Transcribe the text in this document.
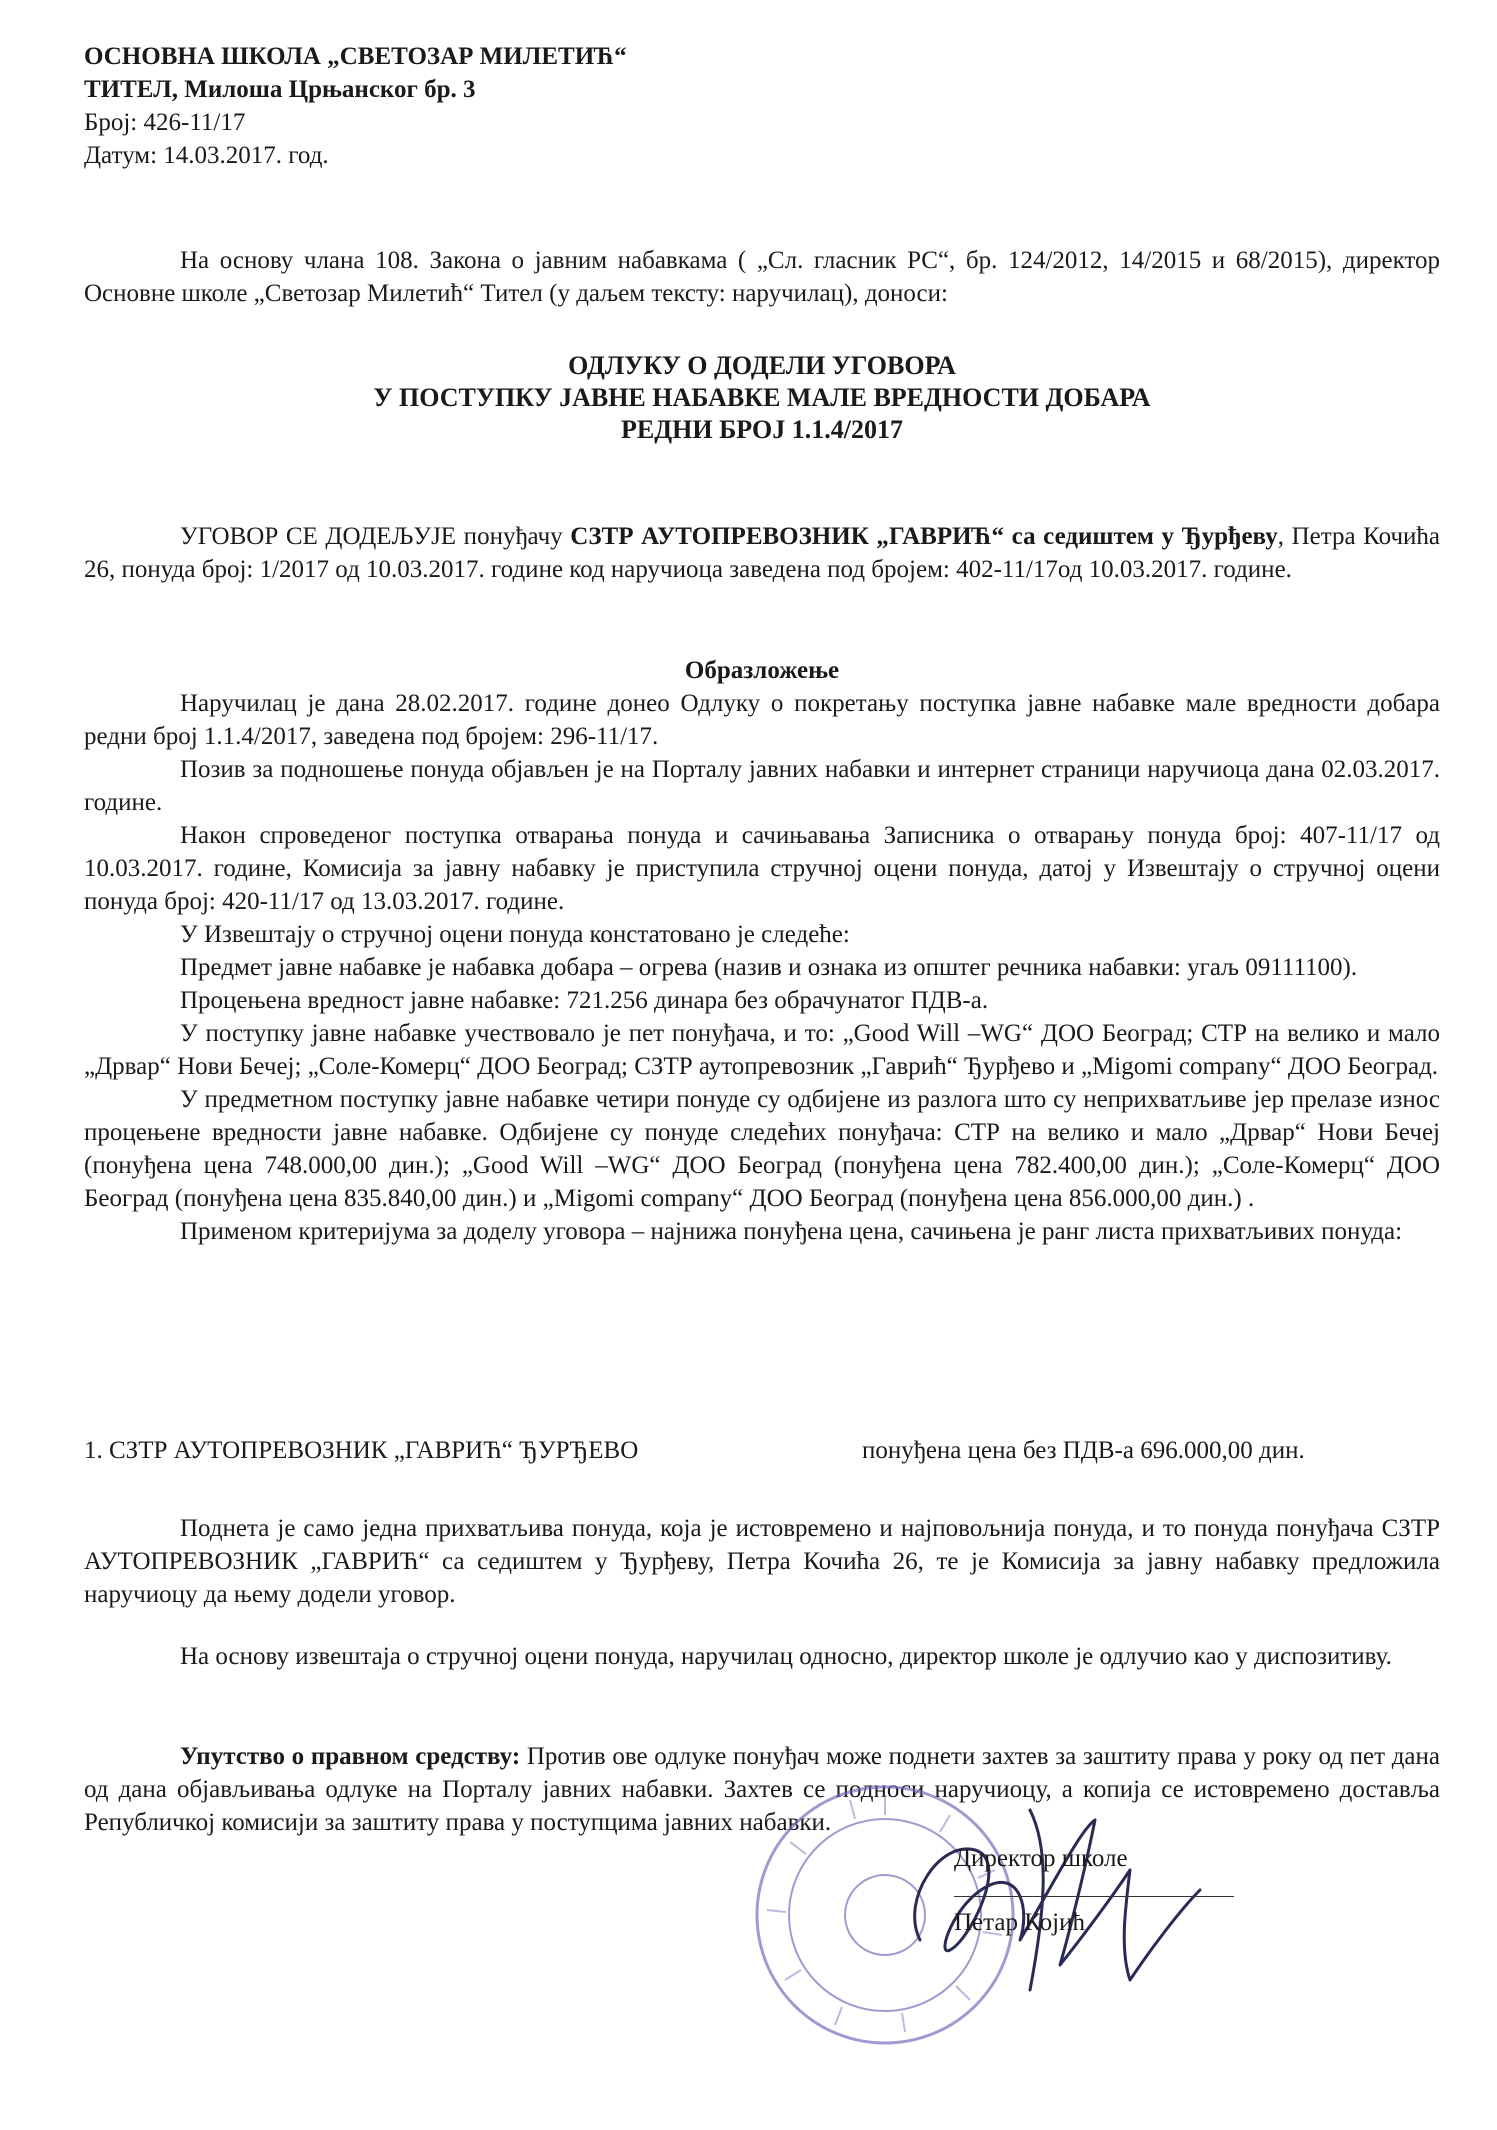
ОСНОВНА ШКОЛА „СВЕТОЗАР МИЛЕТИЋ“
ТИТЕЛ, Милоша Црњанског бр. 3
Број: 426-11/17
Датум: 14.03.2017. год.

На основу члана 108. Закона о јавним набавкама ( „Сл. гласник РС“, бр. 124/2012, 14/2015 и 68/2015), директор Основне школе „Светозар Милетић“ Тител (у даљем тексту: наручилац), доноси:

ОДЛУКУ О ДОДЕЛИ УГОВОРА
У ПОСТУПКУ ЈАВНЕ НАБАВКЕ МАЛЕ ВРЕДНОСТИ ДОБАРА
РЕДНИ БРОЈ 1.1.4/2017

УГОВОР СЕ ДОДЕЉУЈЕ понуђачу СЗТР АУТОПРЕВОЗНИК „ГАВРИЋ“ са седиштем у Ђурђеву, Петра Кочића 26, понуда број: 1/2017 од 10.03.2017. године код наручиоца заведена под бројем: 402-11/17од 10.03.2017. године.

Образложење

Наручилац је дана 28.02.2017. године донео Одлуку о покретању поступка јавне набавке мале вредности добара редни број 1.1.4/2017, заведена под бројем: 296-11/17.

Позив за подношење понуда објављен је на Порталу јавних набавки и интернет страници наручиоца дана 02.03.2017. године.

Након спроведеног поступка отварања понуда и сачињавања Записника о отварању понуда број: 407-11/17 од 10.03.2017. године, Комисија за јавну набавку је приступила стручној оцени понуда, датој у Извештају о стручној оцени понуда број: 420-11/17 од 13.03.2017. године.

У Извештају о стручној оцени понуда констатовано је следеће:

Предмет јавне набавке је набавка добара – огрева (назив и ознака из општег речника набавки: угаљ 09111100).

Процењена вредност јавне набавке: 721.256 динара без обрачунатог ПДВ-а.

У поступку јавне набавке учествовало је пет понуђача, и то: „Good Will –WG“ ДОО Београд; СТР на велико и мало „Дрвар“ Нови Бечеј; „Соле-Комерц“ ДОО Београд; СЗТР аутопревозник „Гаврић“ Ђурђево и „Migomi company“ ДОО Београд.

У предметном поступку јавне набавке четири понуде су одбијене из разлога што су неприхватљиве јер прелазе износ процењене вредности јавне набавке. Одбијене су понуде следећих понуђача: СТР на велико и мало „Дрвар“ Нови Бечеј (понуђена цена 748.000,00 дин.); „Good Will –WG“ ДОО Београд (понуђена цена 782.400,00 дин.); „Соле-Комерц“ ДОО Београд (понуђена цена 835.840,00 дин.) и „Migomi company“ ДОО Београд (понуђена цена 856.000,00 дин.) .

Применом критеријума за доделу уговора – најнижа понуђена цена, сачињена је ранг листа прихватљивих понуда:

1. СЗТР АУТОПРЕВОЗНИК „ГАВРИЋ“ ЂУРЂЕВО	понуђена цена без ПДВ-а 696.000,00 дин.

Поднета је само једна прихватљива понуда, која је истовремено и најповољнија понуда, и то понуда понуђача СЗТР АУТОПРЕВОЗНИК „ГАВРИЋ“ са седиштем у Ђурђеву, Петра Кочића 26, те је Комисија за јавну набавку предложила наручиоцу да њему додели уговор.

На основу извештаја о стручној оцени понуда, наручилац односно, директор школе је одлучио као у диспозитиву.

Упутство о правном средству: Против ове одлуке понуђач може поднети захтев за заштиту права у року од пет дана од дана објављивања одлуке на Порталу јавних набавки. Захтев се подноси наручиоцу, а копија се истовремено доставља Републичкој комисији за заштиту права у поступцима јавних набавки.

Директор школе
Петар Којић
